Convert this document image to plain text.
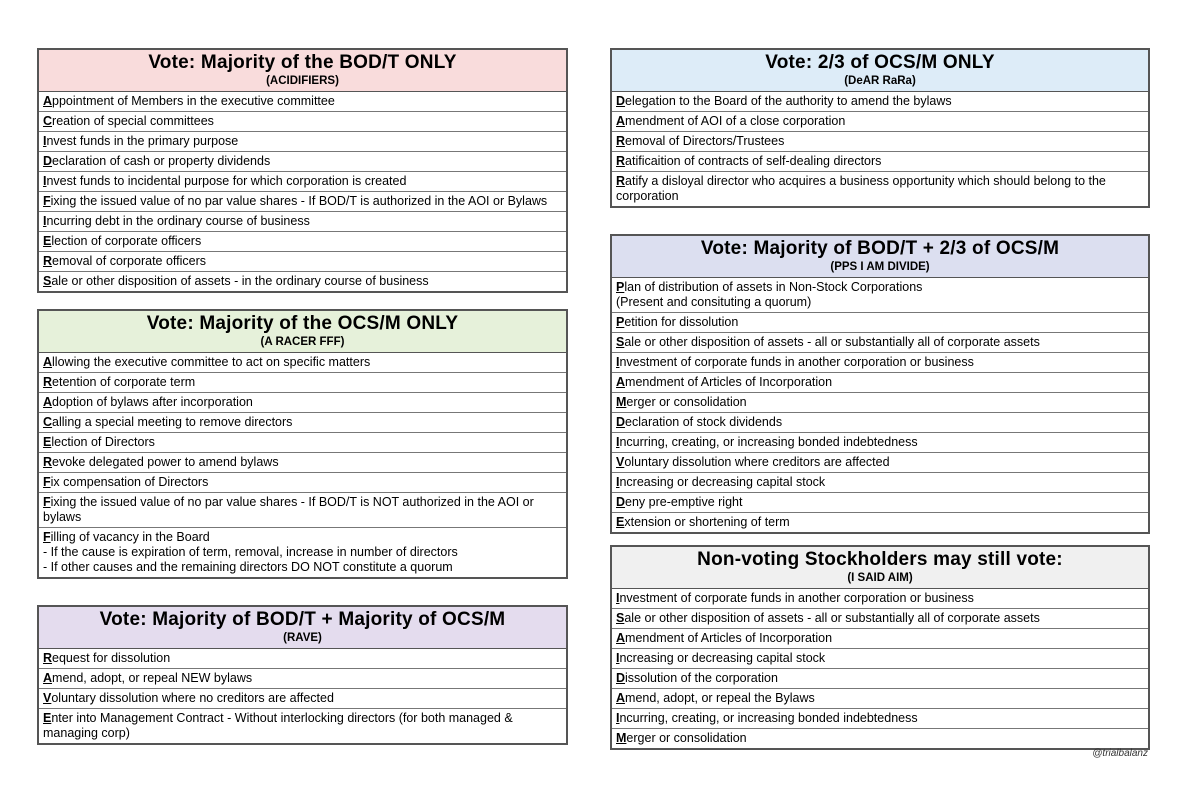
Vote: Majority of the BOD/T ONLY
(ACIDIFIERS)
Appointment of Members in the executive committee
Creation of special committees
Invest funds in the primary purpose
Declaration of cash or property dividends
Invest funds to incidental purpose for which corporation is created
Fixing the issued value of no par value shares - If BOD/T is authorized in the AOI or Bylaws
Incurring debt in the ordinary course of business
Election of corporate officers
Removal of corporate officers
Sale or other disposition of assets - in the ordinary course of business
Vote: Majority of the OCS/M ONLY
(A RACER FFF)
Allowing the executive committee to act on specific matters
Retention of corporate term
Adoption of bylaws after incorporation
Calling a special meeting to remove directors
Election of Directors
Revoke delegated power to amend bylaws
Fix compensation of Directors
Fixing the issued value of no par value shares - If BOD/T is NOT authorized in the AOI or bylaws
Filling of vacancy in the Board
- If the cause is expiration of term, removal, increase in number of directors
- If other causes and the remaining directors DO NOT constitute a quorum
Vote: Majority of BOD/T + Majority of OCS/M
(RAVE)
Request for dissolution
Amend, adopt, or repeal NEW bylaws
Voluntary dissolution where no creditors are affected
Enter into Management Contract - Without interlocking directors (for both managed & managing corp)
Vote: 2/3 of OCS/M ONLY
(DeAR RaRa)
Delegation to the Board of the authority to amend the bylaws
Amendment of AOI of a close corporation
Removal of Directors/Trustees
Ratificaition of contracts of self-dealing directors
Ratify a disloyal director who acquires a business opportunity which should belong to the corporation
Vote: Majority of BOD/T + 2/3 of OCS/M
(PPS I AM DIVIDE)
Plan of distribution of assets in Non-Stock Corporations
(Present and consituting a quorum)
Petition for dissolution
Sale or other disposition of assets - all or substantially all of corporate assets
Investment of corporate funds in another corporation or business
Amendment of Articles of Incorporation
Merger or consolidation
Declaration of stock dividends
Incurring, creating, or increasing bonded indebtedness
Voluntary dissolution where creditors are affected
Increasing or decreasing capital stock
Deny pre-emptive right
Extension or shortening of term
Non-voting Stockholders may still vote:
(I SAID AIM)
Investment of corporate funds in another corporation or business
Sale or other disposition of assets - all or substantially all of corporate assets
Amendment of Articles of Incorporation
Increasing or decreasing capital stock
Dissolution of the corporation
Amend, adopt, or repeal the Bylaws
Incurring, creating, or increasing bonded indebtedness
Merger or consolidation
@trialbalanz
